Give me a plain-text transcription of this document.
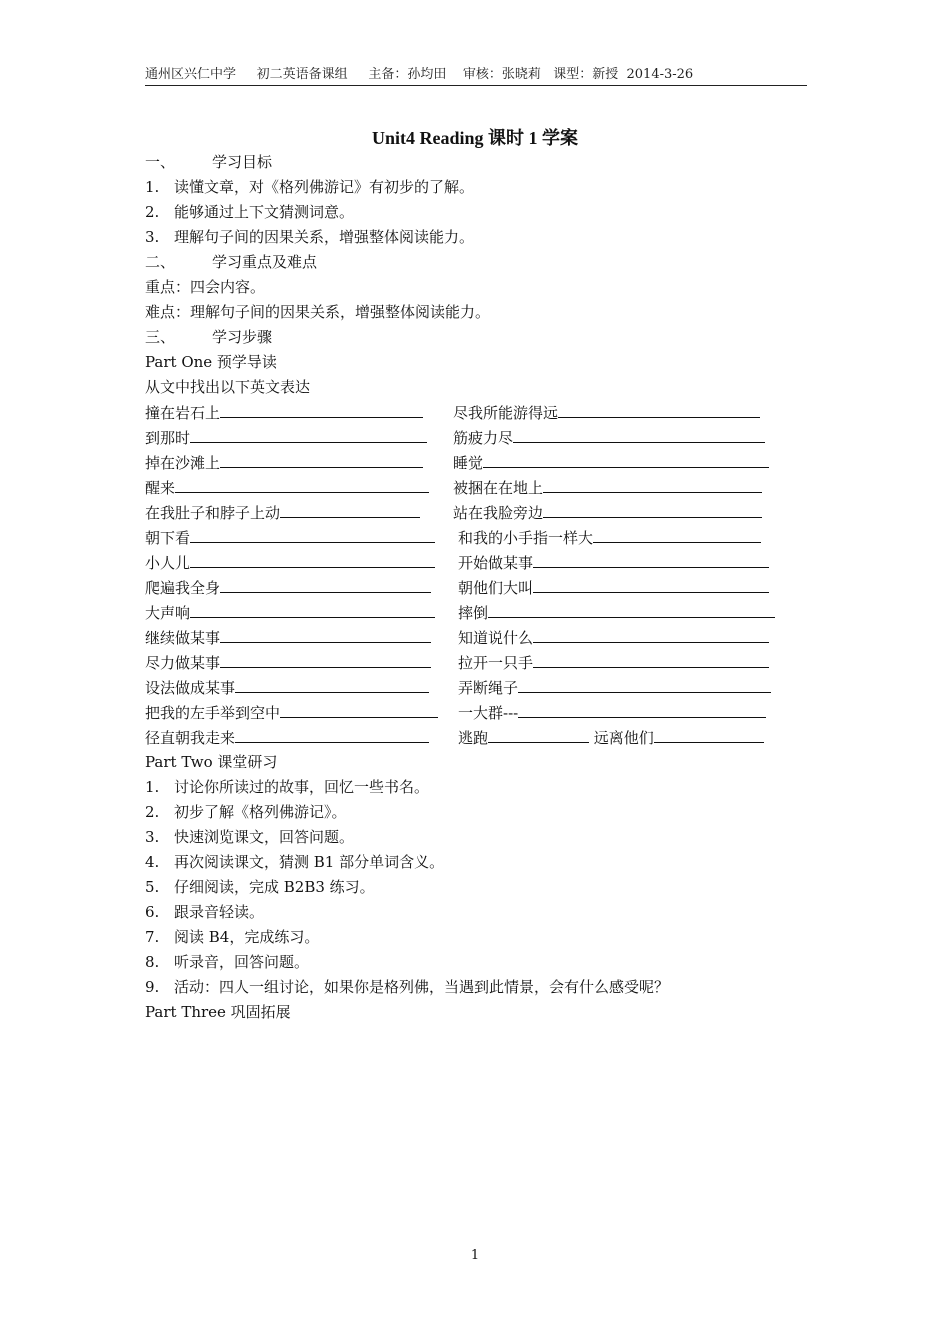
通州区兴仁中学     初二英语备课组     主备：孙均田    审核：张晓莉   课型：新授  2014-3-26
Unit4 Reading 课时 1 学案
一、 学习目标
1. 读懂文章，对《格列佛游记》有初步的了解。
2. 能够通过上下文猜测词意。
3. 理解句子间的因果关系，增强整体阅读能力。
二、 学习重点及难点
重点：四会内容。
难点：理解句子间的因果关系，增强整体阅读能力。
三、 学习步骤
Part One 预学导读
从文中找出以下英文表达
撞在岩石上	尽我所能游得远
到那时	筋疲力尽
掉在沙滩上	睡觉
醒来	被捆在在地上
在我肚子和脖子上动	站在我脸旁边
朝下看	和我的小手指一样大
小人儿	开始做某事
爬遍我全身	朝他们大叫
大声响	摔倒
继续做某事	知道说什么
尽力做某事	拉开一只手
设法做成某事	弄断绳子
把我的左手举到空中	一大群---
径直朝我走来	逃跑	远离他们
Part Two 课堂研习
1. 讨论你所读过的故事，回忆一些书名。
2. 初步了解《格列佛游记》。
3. 快速浏览课文，回答问题。
4. 再次阅读课文，猜测 B1 部分单词含义。
5. 仔细阅读，完成 B2B3 练习。
6. 跟录音轻读。
7. 阅读 B4，完成练习。
8. 听录音，回答问题。
9. 活动：四人一组讨论，如果你是格列佛，当遇到此情景，会有什么感受呢？
Part Three 巩固拓展
1
